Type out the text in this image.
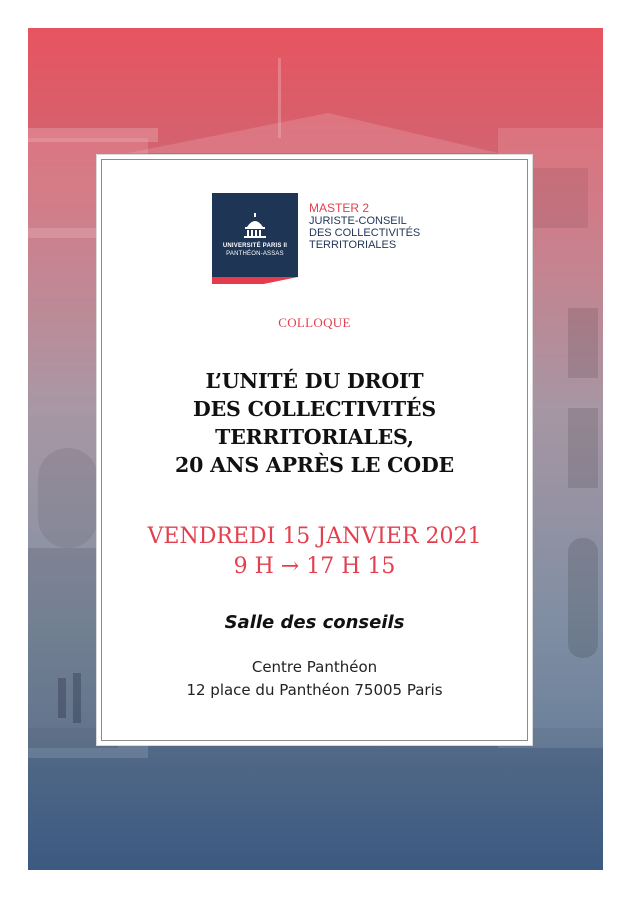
UNIVERSITÉ PARIS II
PANTHÉON-ASSAS
MASTER 2
JURISTE-CONSEIL
DES COLLECTIVITÉS
TERRITORIALES
COLLOQUE
L’UNITÉ DU DROIT
DES COLLECTIVITÉS
TERRITORIALES,
20 ANS APRÈS LE CODE
VENDREDI 15 JANVIER 2021
9 H → 17 H 15
Salle des conseils
Centre Panthéon
12 place du Panthéon 75005 Paris
